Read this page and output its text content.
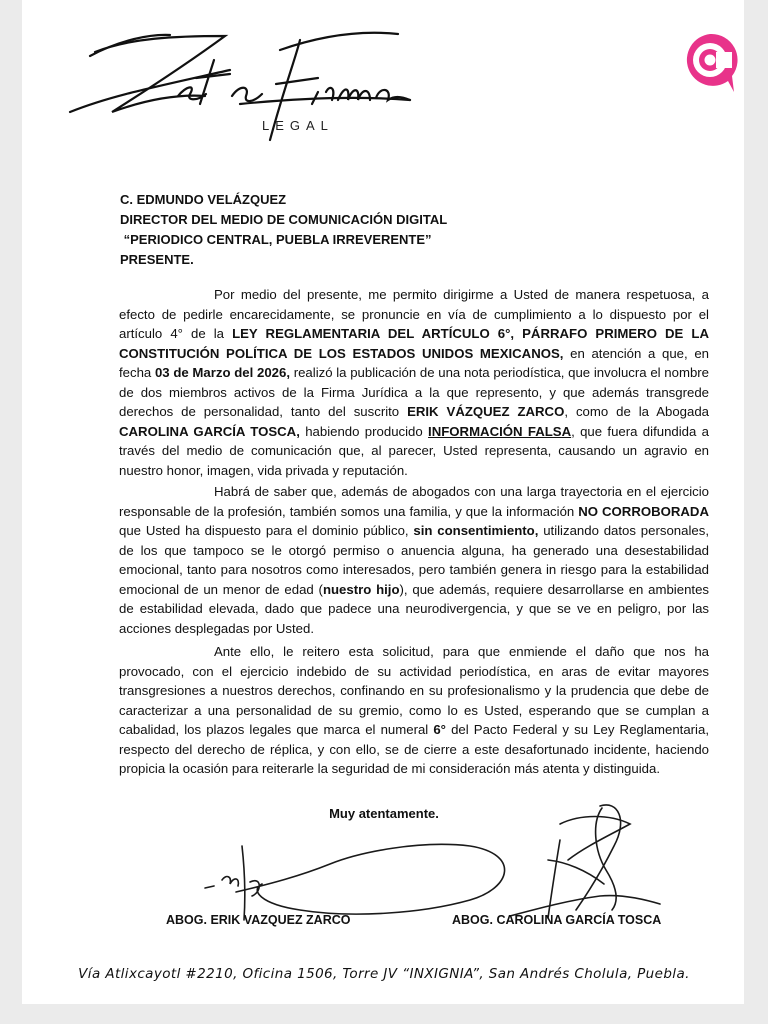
LEGAL
C. EDMUNDO VELÁZQUEZ
DIRECTOR DEL MEDIO DE COMUNICACIÓN DIGITAL
“PERIODICO CENTRAL, PUEBLA IRREVERENTE”
PRESENTE.
Por medio del presente, me permito dirigirme a Usted de manera respetuosa, a efecto de pedirle encarecidamente, se pronuncie en vía de cumplimiento a lo dispuesto por el artículo 4° de la LEY REGLAMENTARIA DEL ARTÍCULO 6°, PÁRRAFO PRIMERO DE LA CONSTITUCIÓN POLÍTICA DE LOS ESTADOS UNIDOS MEXICANOS, en atención a que, en fecha 03 de Marzo del 2026, realizó la publicación de una nota periodística, que involucra el nombre de dos miembros activos de la Firma Jurídica a la que represento, y que además transgrede derechos de personalidad, tanto del suscrito ERIK VÁZQUEZ ZARCO, como de la Abogada CAROLINA GARCÍA TOSCA, habiendo producido INFORMACIÓN FALSA, que fuera difundida a través del medio de comunicación que, al parecer, Usted representa, causando un agravio en nuestro honor, imagen, vida privada y reputación.
Habrá de saber que, además de abogados con una larga trayectoria en el ejercicio responsable de la profesión, también somos una familia, y que la información NO CORROBORADA que Usted ha dispuesto para el dominio público, sin consentimiento, utilizando datos personales, de los que tampoco se le otorgó permiso o anuencia alguna, ha generado una desestabilidad emocional, tanto para nosotros como interesados, pero también genera in riesgo para la estabilidad emocional de un menor de edad (nuestro hijo), que además, requiere desarrollarse en ambientes de estabilidad elevada, dado que padece una neurodivergencia, y que se ve en peligro, por las acciones desplegadas por Usted.
Ante ello, le reitero esta solicitud, para que enmiende el daño que nos ha provocado, con el ejercicio indebido de su actividad periodística, en aras de evitar mayores transgresiones a nuestros derechos, confinando en su profesionalismo y la prudencia que debe de caracterizar a una personalidad de su gremio, como lo es Usted, esperando que se cumplan a cabalidad, los plazos legales que marca el numeral 6° del Pacto Federal y su Ley Reglamentaria, respecto del derecho de réplica, y con ello, se de cierre a este desafortunado incidente, haciendo propicia la ocasión para reiterarle la seguridad de mi consideración más atenta y distinguida.
Muy atentamente.
ABOG. ERIK VAZQUEZ ZARCO	ABOG. CAROLINA GARCÍA TOSCA
Vía Atlixcayotl #2210, Oficina 1506, Torre JV “INXIGNIA”, San Andrés Cholula, Puebla.
